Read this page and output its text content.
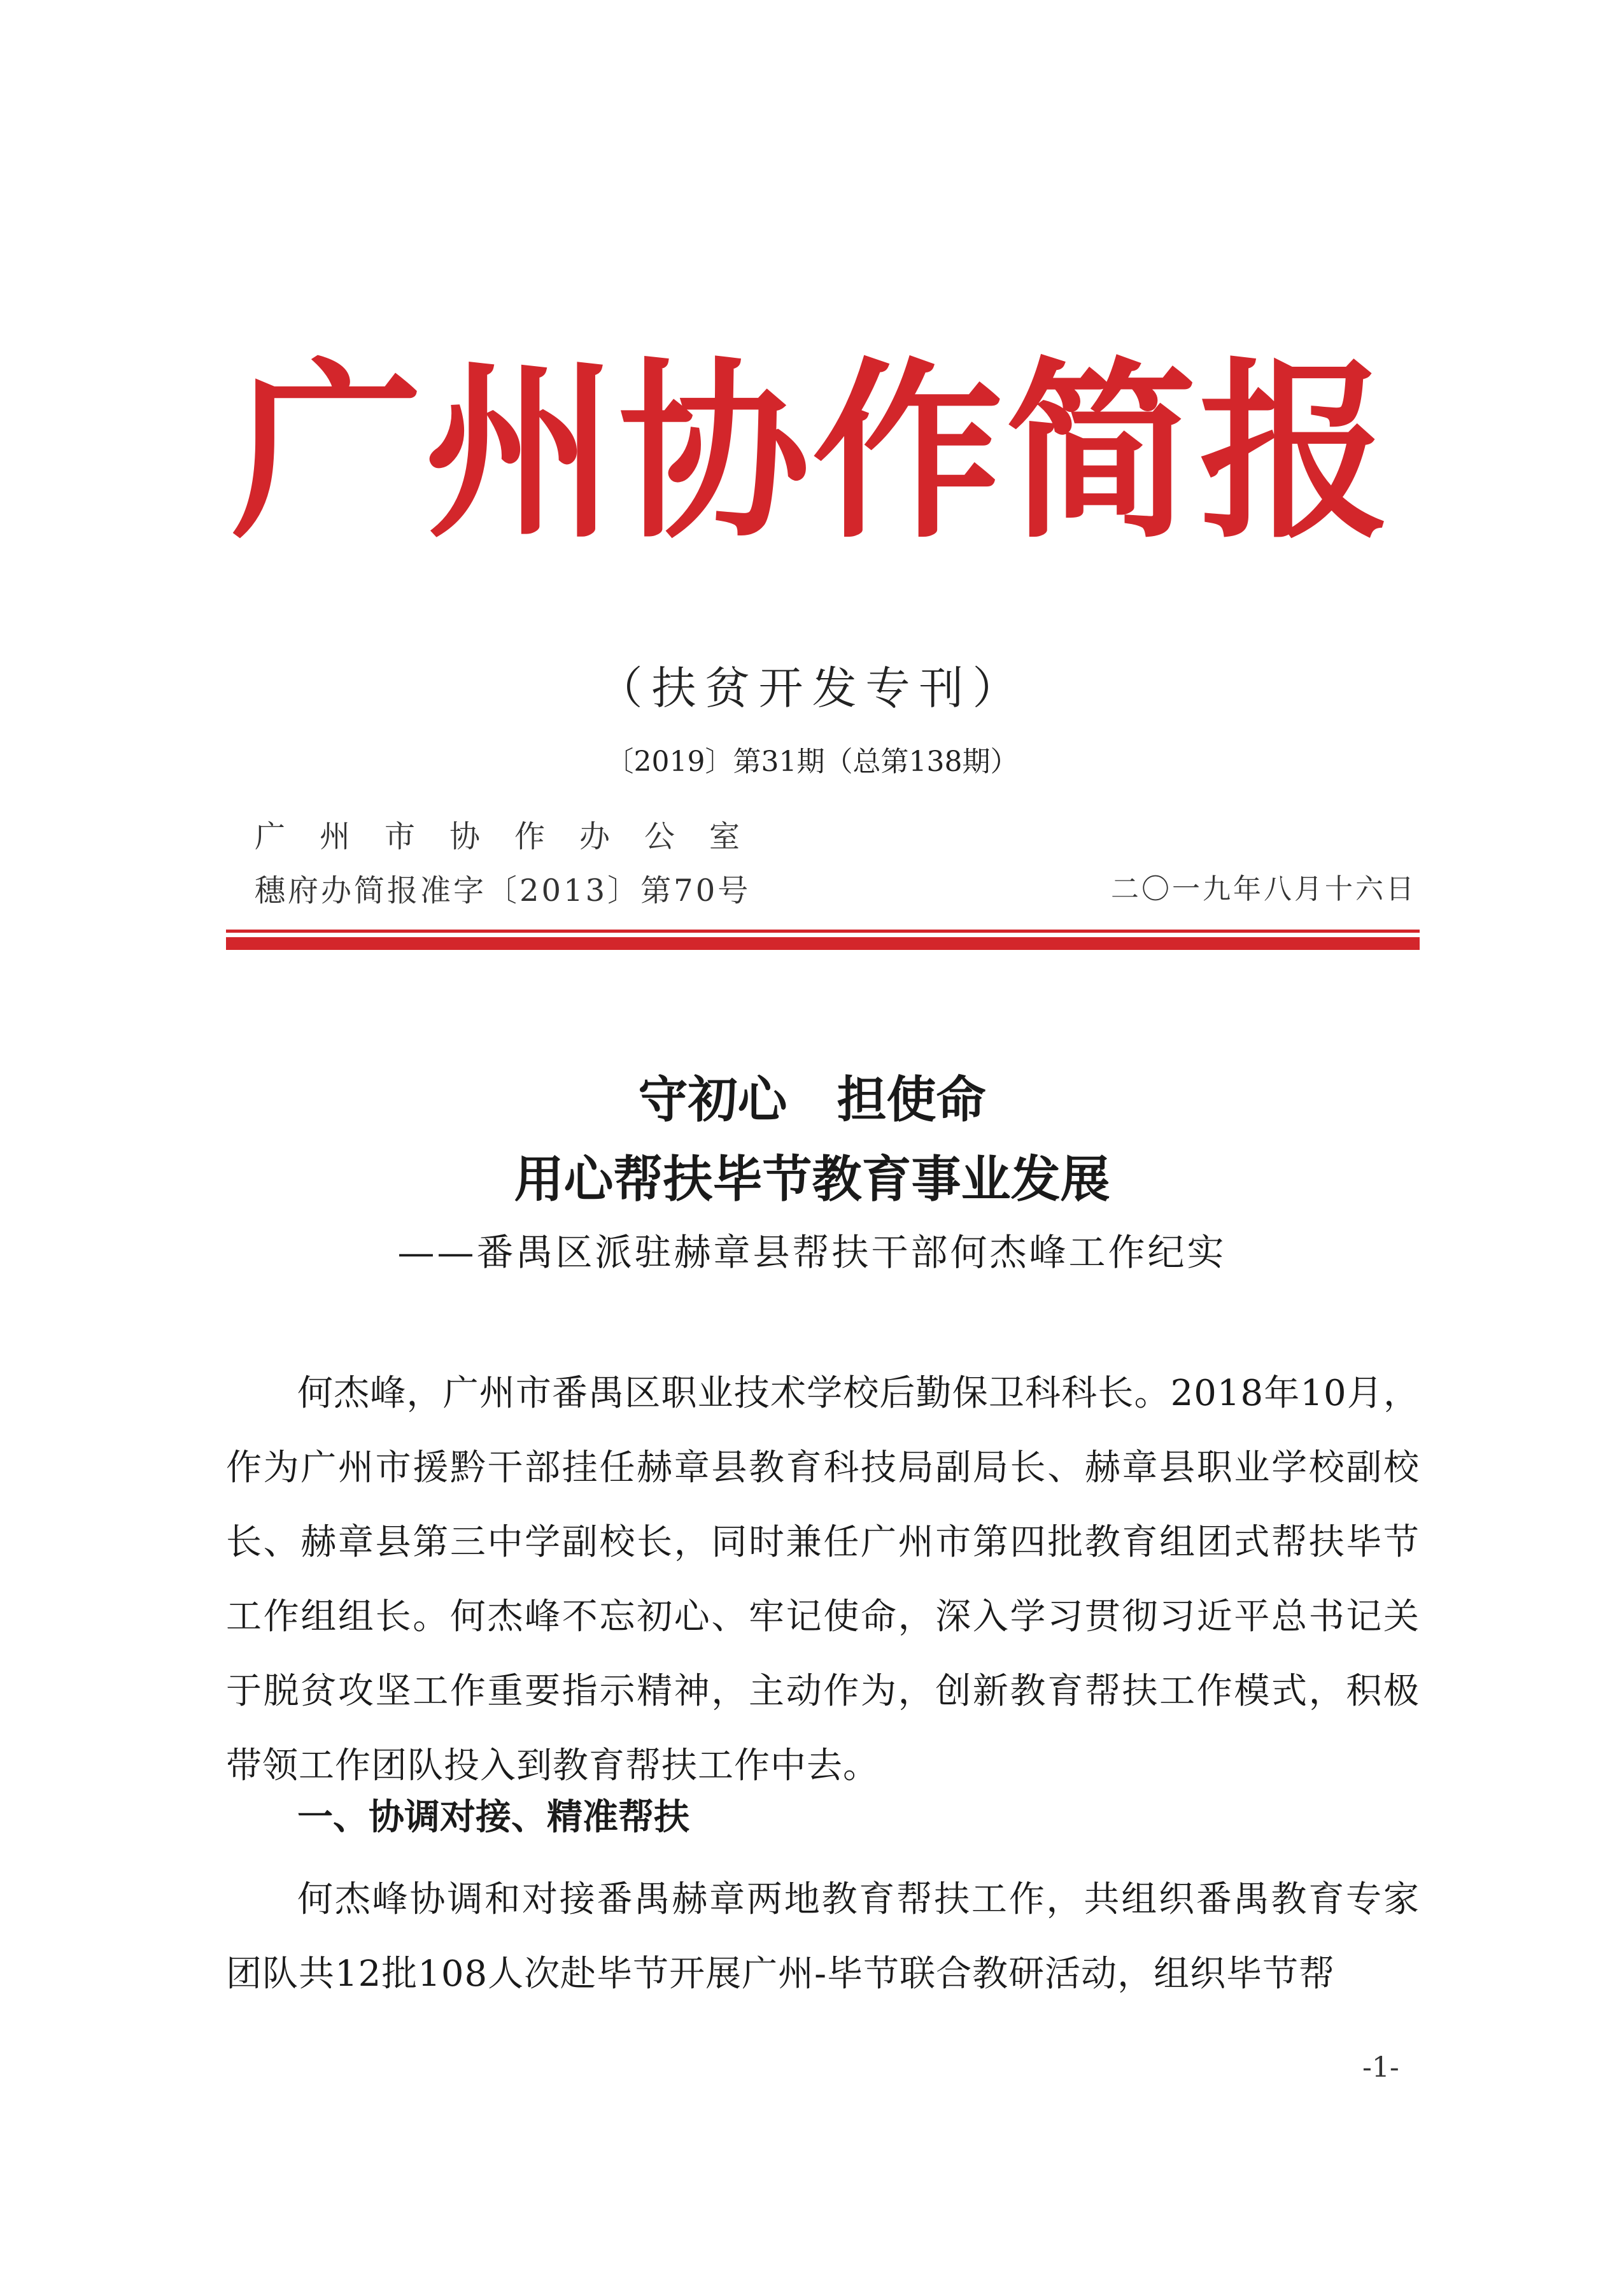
广州协作简报
（扶贫开发专刊）
〔2019〕第31期（总第138期）
广州市协作办公室
穗府办简报准字〔2013〕第70号	二〇一九年八月十六日
守初心　担使命
用心帮扶毕节教育事业发展
——番禺区派驻赫章县帮扶干部何杰峰工作纪实

何杰峰，广州市番禺区职业技术学校后勤保卫科科长。2018年10月，作为广州市援黔干部挂任赫章县教育科技局副局长、赫章县职业学校副校长、赫章县第三中学副校长，同时兼任广州市第四批教育组团式帮扶毕节工作组组长。何杰峰不忘初心、牢记使命，深入学习贯彻习近平总书记关于脱贫攻坚工作重要指示精神，主动作为，创新教育帮扶工作模式，积极带领工作团队投入到教育帮扶工作中去。

一、协调对接、精准帮扶

何杰峰协调和对接番禺赫章两地教育帮扶工作，共组织番禺教育专家团队共12批108人次赴毕节开展广州-毕节联合教研活动，组织毕节帮

-1-
